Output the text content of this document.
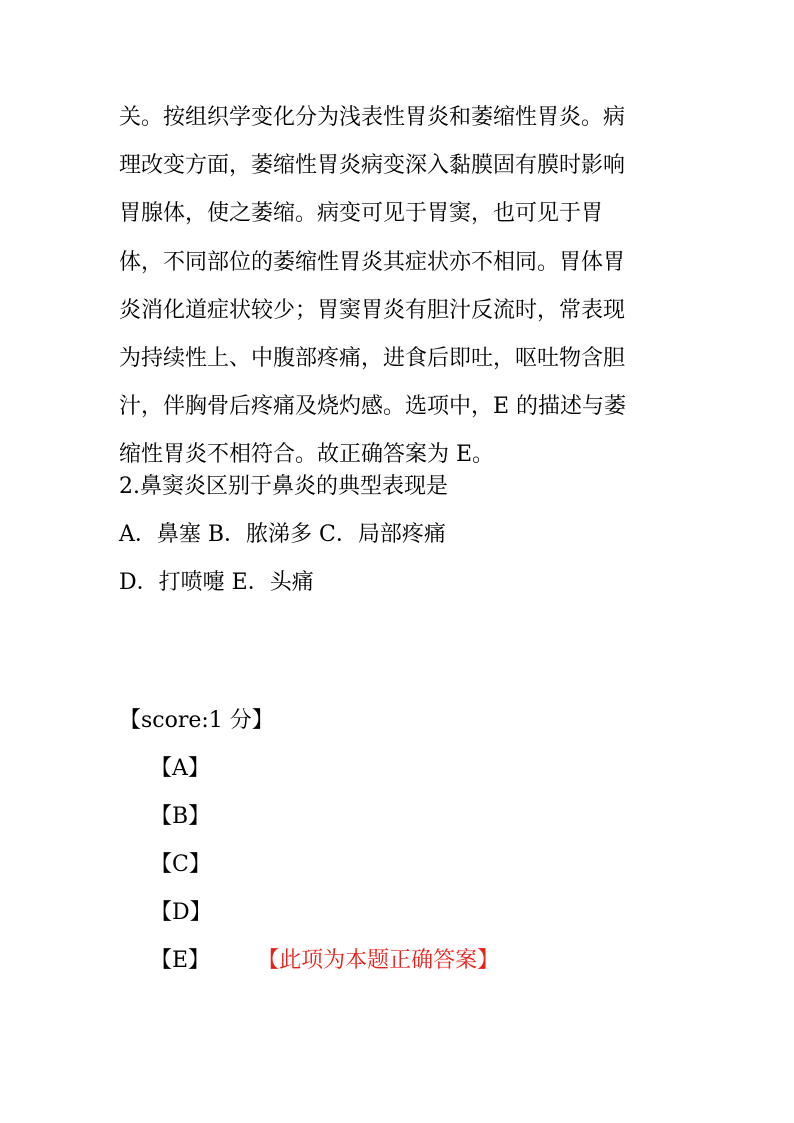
关。按组织学变化分为浅表性胃炎和萎缩性胃炎。病
理改变方面，萎缩性胃炎病变深入黏膜固有膜时影响
胃腺体，使之萎缩。病变可见于胃窦，也可见于胃
体，不同部位的萎缩性胃炎其症状亦不相同。胃体胃
炎消化道症状较少；胃窦胃炎有胆汁反流时，常表现
为持续性上、中腹部疼痛，进食后即吐，呕吐物含胆
汁，伴胸骨后疼痛及烧灼感。选项中，E 的描述与萎
缩性胃炎不相符合。故正确答案为 E。
2.鼻窦炎区别于鼻炎的典型表现是
A．鼻塞 B．脓涕多 C．局部疼痛
D．打喷嚏 E．头痛
【score:1 分】
【A】
【B】
【C】
【D】
【E】 【此项为本题正确答案】
